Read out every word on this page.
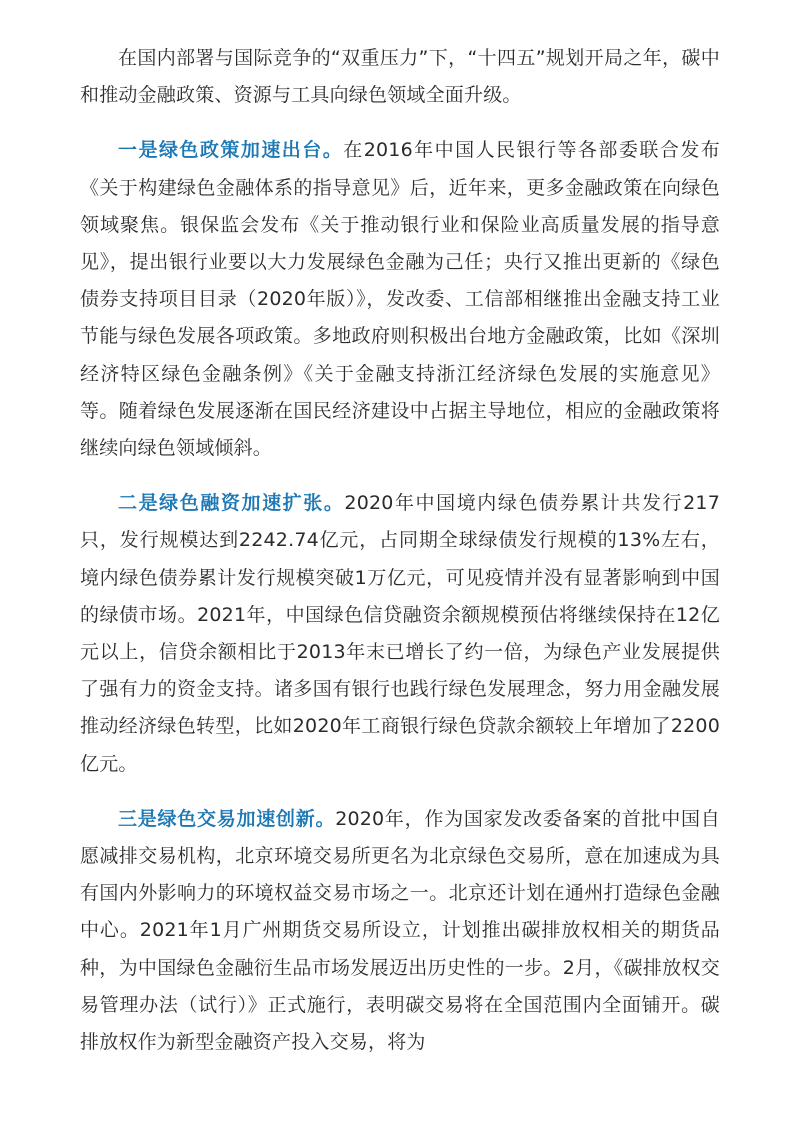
在国内部署与国际竞争的“双重压力”下，“十四五”规划开局之年，碳中和推动金融政策、资源与工具向绿色领域全面升级。

一是绿色政策加速出台。在2016年中国人民银行等各部委联合发布《关于构建绿色金融体系的指导意见》后，近年来，更多金融政策在向绿色领域聚焦。银保监会发布《关于推动银行业和保险业高质量发展的指导意见》，提出银行业要以大力发展绿色金融为己任；央行又推出更新的《绿色债券支持项目目录（2020年版）》，发改委、工信部相继推出金融支持工业节能与绿色发展各项政策。多地政府则积极出台地方金融政策，比如《深圳经济特区绿色金融条例》《关于金融支持浙江经济绿色发展的实施意见》等。随着绿色发展逐渐在国民经济建设中占据主导地位，相应的金融政策将继续向绿色领域倾斜。

二是绿色融资加速扩张。2020年中国境内绿色债券累计共发行217只，发行规模达到2242.74亿元，占同期全球绿债发行规模的13%左右，境内绿色债券累计发行规模突破1万亿元，可见疫情并没有显著影响到中国的绿债市场。2021年，中国绿色信贷融资余额规模预估将继续保持在12亿元以上，信贷余额相比于2013年末已增长了约一倍，为绿色产业发展提供了强有力的资金支持。诸多国有银行也践行绿色发展理念，努力用金融发展推动经济绿色转型，比如2020年工商银行绿色贷款余额较上年增加了2200亿元。

三是绿色交易加速创新。2020年，作为国家发改委备案的首批中国自愿减排交易机构，北京环境交易所更名为北京绿色交易所，意在加速成为具有国内外影响力的环境权益交易市场之一。北京还计划在通州打造绿色金融中心。2021年1月广州期货交易所设立，计划推出碳排放权相关的期货品种，为中国绿色金融衍生品市场发展迈出历史性的一步。2月，《碳排放权交易管理办法（试行）》正式施行，表明碳交易将在全国范围内全面铺开。碳排放权作为新型金融资产投入交易，将为
